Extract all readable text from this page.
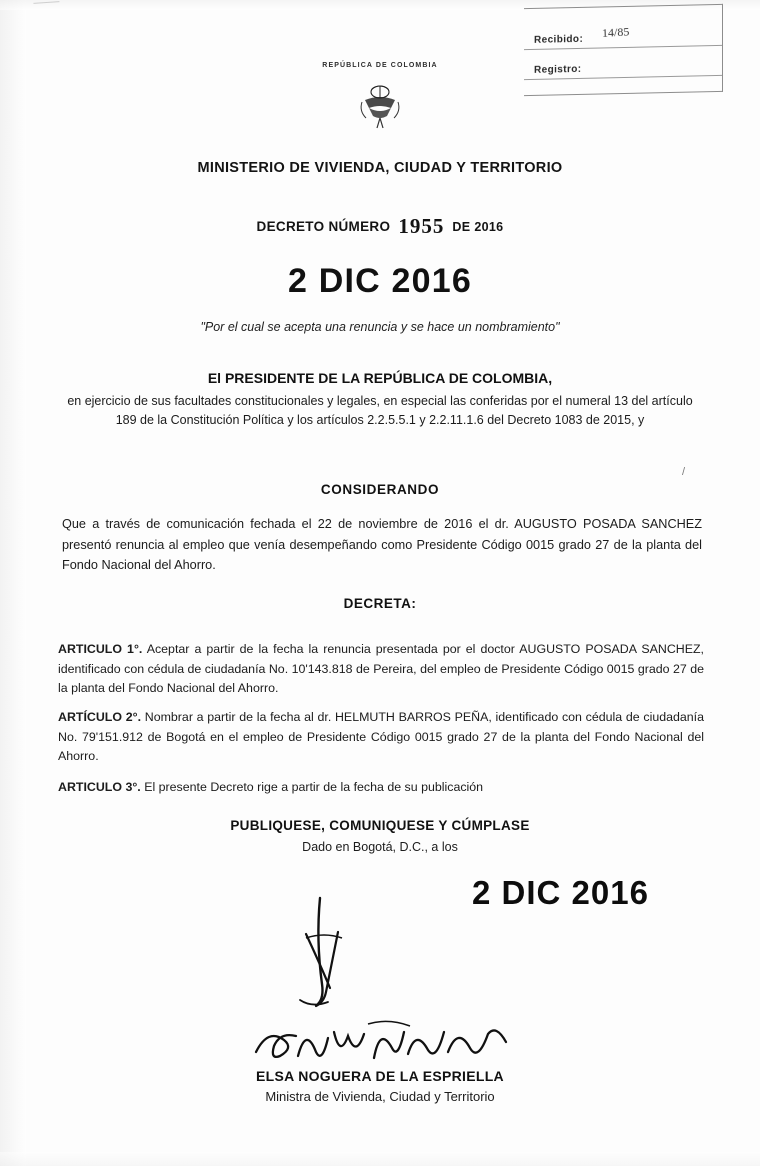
Recibido:
Registro:
14/85
REPÚBLICA DE COLOMBIA
MINISTERIO DE VIVIENDA, CIUDAD Y TERRITORIO
DECRETO NÚMERO 1955 DE 2016
2 DIC 2016
"Por el cual se acepta una renuncia y se hace un nombramiento"
El PRESIDENTE DE LA REPÚBLICA DE COLOMBIA,
en ejercicio de sus facultades constitucionales y legales, en especial las conferidas por el numeral 13 del artículo 189 de la Constitución Política y los artículos 2.2.5.5.1 y 2.2.11.1.6 del Decreto 1083 de 2015, y
/
CONSIDERANDO
Que a través de comunicación fechada el 22 de noviembre de 2016 el dr. AUGUSTO POSADA SANCHEZ presentó renuncia al empleo que venía desempeñando como Presidente Código 0015 grado 27 de la planta del Fondo Nacional del Ahorro.
DECRETA:
ARTICULO 1°. Aceptar a partir de la fecha la renuncia presentada por el doctor AUGUSTO POSADA SANCHEZ, identificado con cédula de ciudadanía No. 10'143.818 de Pereira, del empleo de Presidente Código 0015 grado 27 de la planta del Fondo Nacional del Ahorro.
ARTÍCULO 2°. Nombrar a partir de la fecha al dr. HELMUTH BARROS PEÑA, identificado con cédula de ciudadanía No. 79'151.912 de Bogotá en el empleo de Presidente Código 0015 grado 27 de la planta del Fondo Nacional del Ahorro.
ARTICULO 3°. El presente Decreto rige a partir de la fecha de su publicación
PUBLIQUESE, COMUNIQUESE Y CÚMPLASE
Dado en Bogotá, D.C., a los
2 DIC 2016
ELSA NOGUERA DE LA ESPRIELLA
Ministra de Vivienda, Ciudad y Territorio
